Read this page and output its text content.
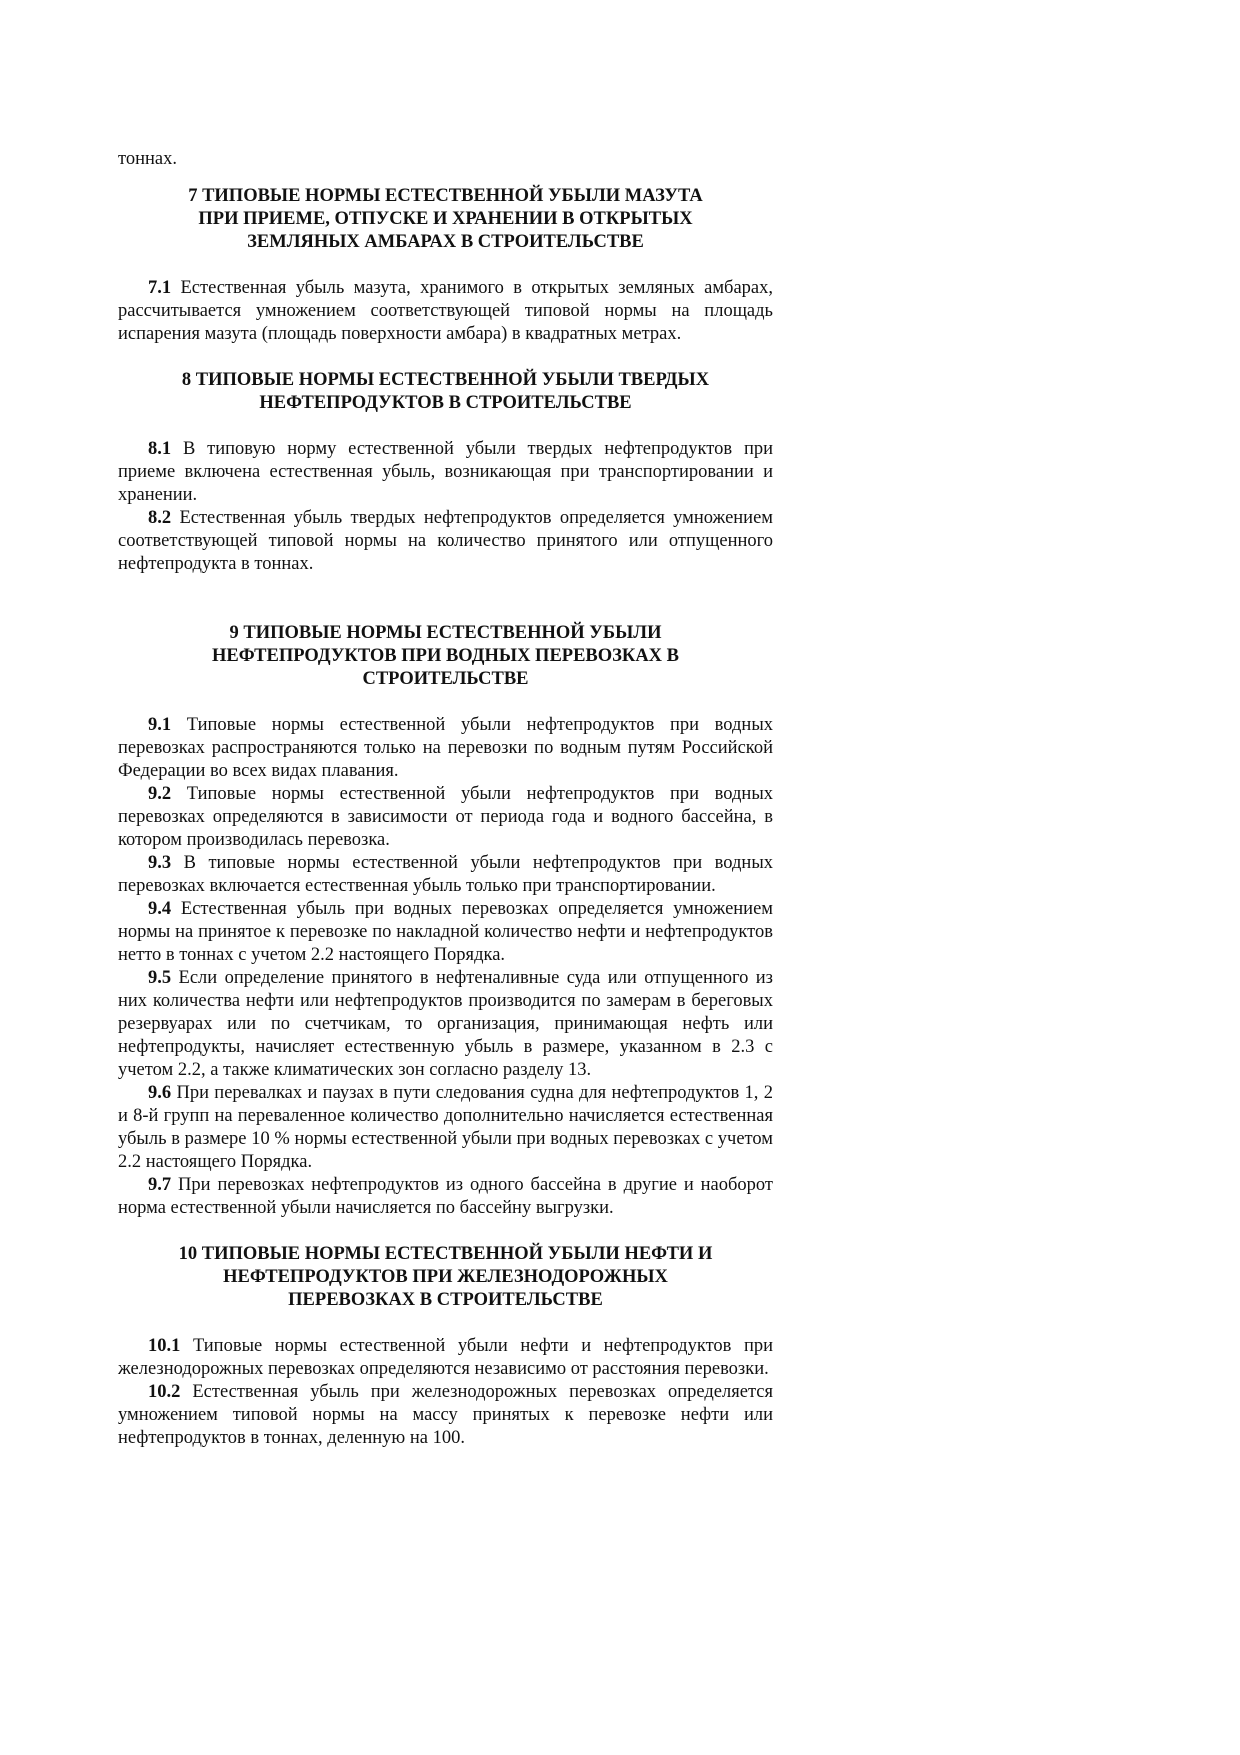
тоннах.

7 ТИПОВЫЕ НОРМЫ ЕСТЕСТВЕННОЙ УБЫЛИ МАЗУТА
ПРИ ПРИЕМЕ, ОТПУСКЕ И ХРАНЕНИИ В ОТКРЫТЫХ
ЗЕМЛЯНЫХ АМБАРАХ В СТРОИТЕЛЬСТВЕ

7.1 Естественная убыль мазута, хранимого в открытых земляных амбарах, рассчитывается умножением соответствующей типовой нормы на площадь испарения мазута (площадь поверхности амбара) в квадратных метрах.

8 ТИПОВЫЕ НОРМЫ ЕСТЕСТВЕННОЙ УБЫЛИ ТВЕРДЫХ
НЕФТЕПРОДУКТОВ В СТРОИТЕЛЬСТВЕ

8.1 В типовую норму естественной убыли твердых нефтепродуктов при приеме включена естественная убыль, возникающая при транспортировании и хранении.

8.2 Естественная убыль твердых нефтепродуктов определяется умножением соответствующей типовой нормы на количество принятого или отпущенного нефтепродукта в тоннах.

9 ТИПОВЫЕ НОРМЫ ЕСТЕСТВЕННОЙ УБЫЛИ
НЕФТЕПРОДУКТОВ ПРИ ВОДНЫХ ПЕРЕВОЗКАХ В
СТРОИТЕЛЬСТВЕ

9.1 Типовые нормы естественной убыли нефтепродуктов при водных перевозках распространяются только на перевозки по водным путям Российской Федерации во всех видах плавания.

9.2 Типовые нормы естественной убыли нефтепродуктов при водных перевозках определяются в зависимости от периода года и водного бассейна, в котором производилась перевозка.

9.3 В типовые нормы естественной убыли нефтепродуктов при водных перевозках включается естественная убыль только при транспортировании.

9.4 Естественная убыль при водных перевозках определяется умножением нормы на принятое к перевозке по накладной количество нефти и нефтепродуктов нетто в тоннах с учетом 2.2 настоящего Порядка.

9.5 Если определение принятого в нефтеналивные суда или отпущенного из них количества нефти или нефтепродуктов производится по замерам в береговых резервуарах или по счетчикам, то организация, принимающая нефть или нефтепродукты, начисляет естественную убыль в размере, указанном в 2.3 с учетом 2.2, а также климатических зон согласно разделу 13.

9.6 При перевалках и паузах в пути следования судна для нефтепродуктов 1, 2 и 8-й групп на переваленное количество дополнительно начисляется естественная убыль в размере 10 % нормы естественной убыли при водных перевозках с учетом 2.2 настоящего Порядка.

9.7 При перевозках нефтепродуктов из одного бассейна в другие и наоборот норма естественной убыли начисляется по бассейну выгрузки.

10 ТИПОВЫЕ НОРМЫ ЕСТЕСТВЕННОЙ УБЫЛИ НЕФТИ И
НЕФТЕПРОДУКТОВ ПРИ ЖЕЛЕЗНОДОРОЖНЫХ
ПЕРЕВОЗКАХ В СТРОИТЕЛЬСТВЕ

10.1 Типовые нормы естественной убыли нефти и нефтепродуктов при железнодорожных перевозках определяются независимо от расстояния перевозки.

10.2 Естественная убыль при железнодорожных перевозках определяется умножением типовой нормы на массу принятых к перевозке нефти или нефтепродуктов в тоннах, деленную на 100.
